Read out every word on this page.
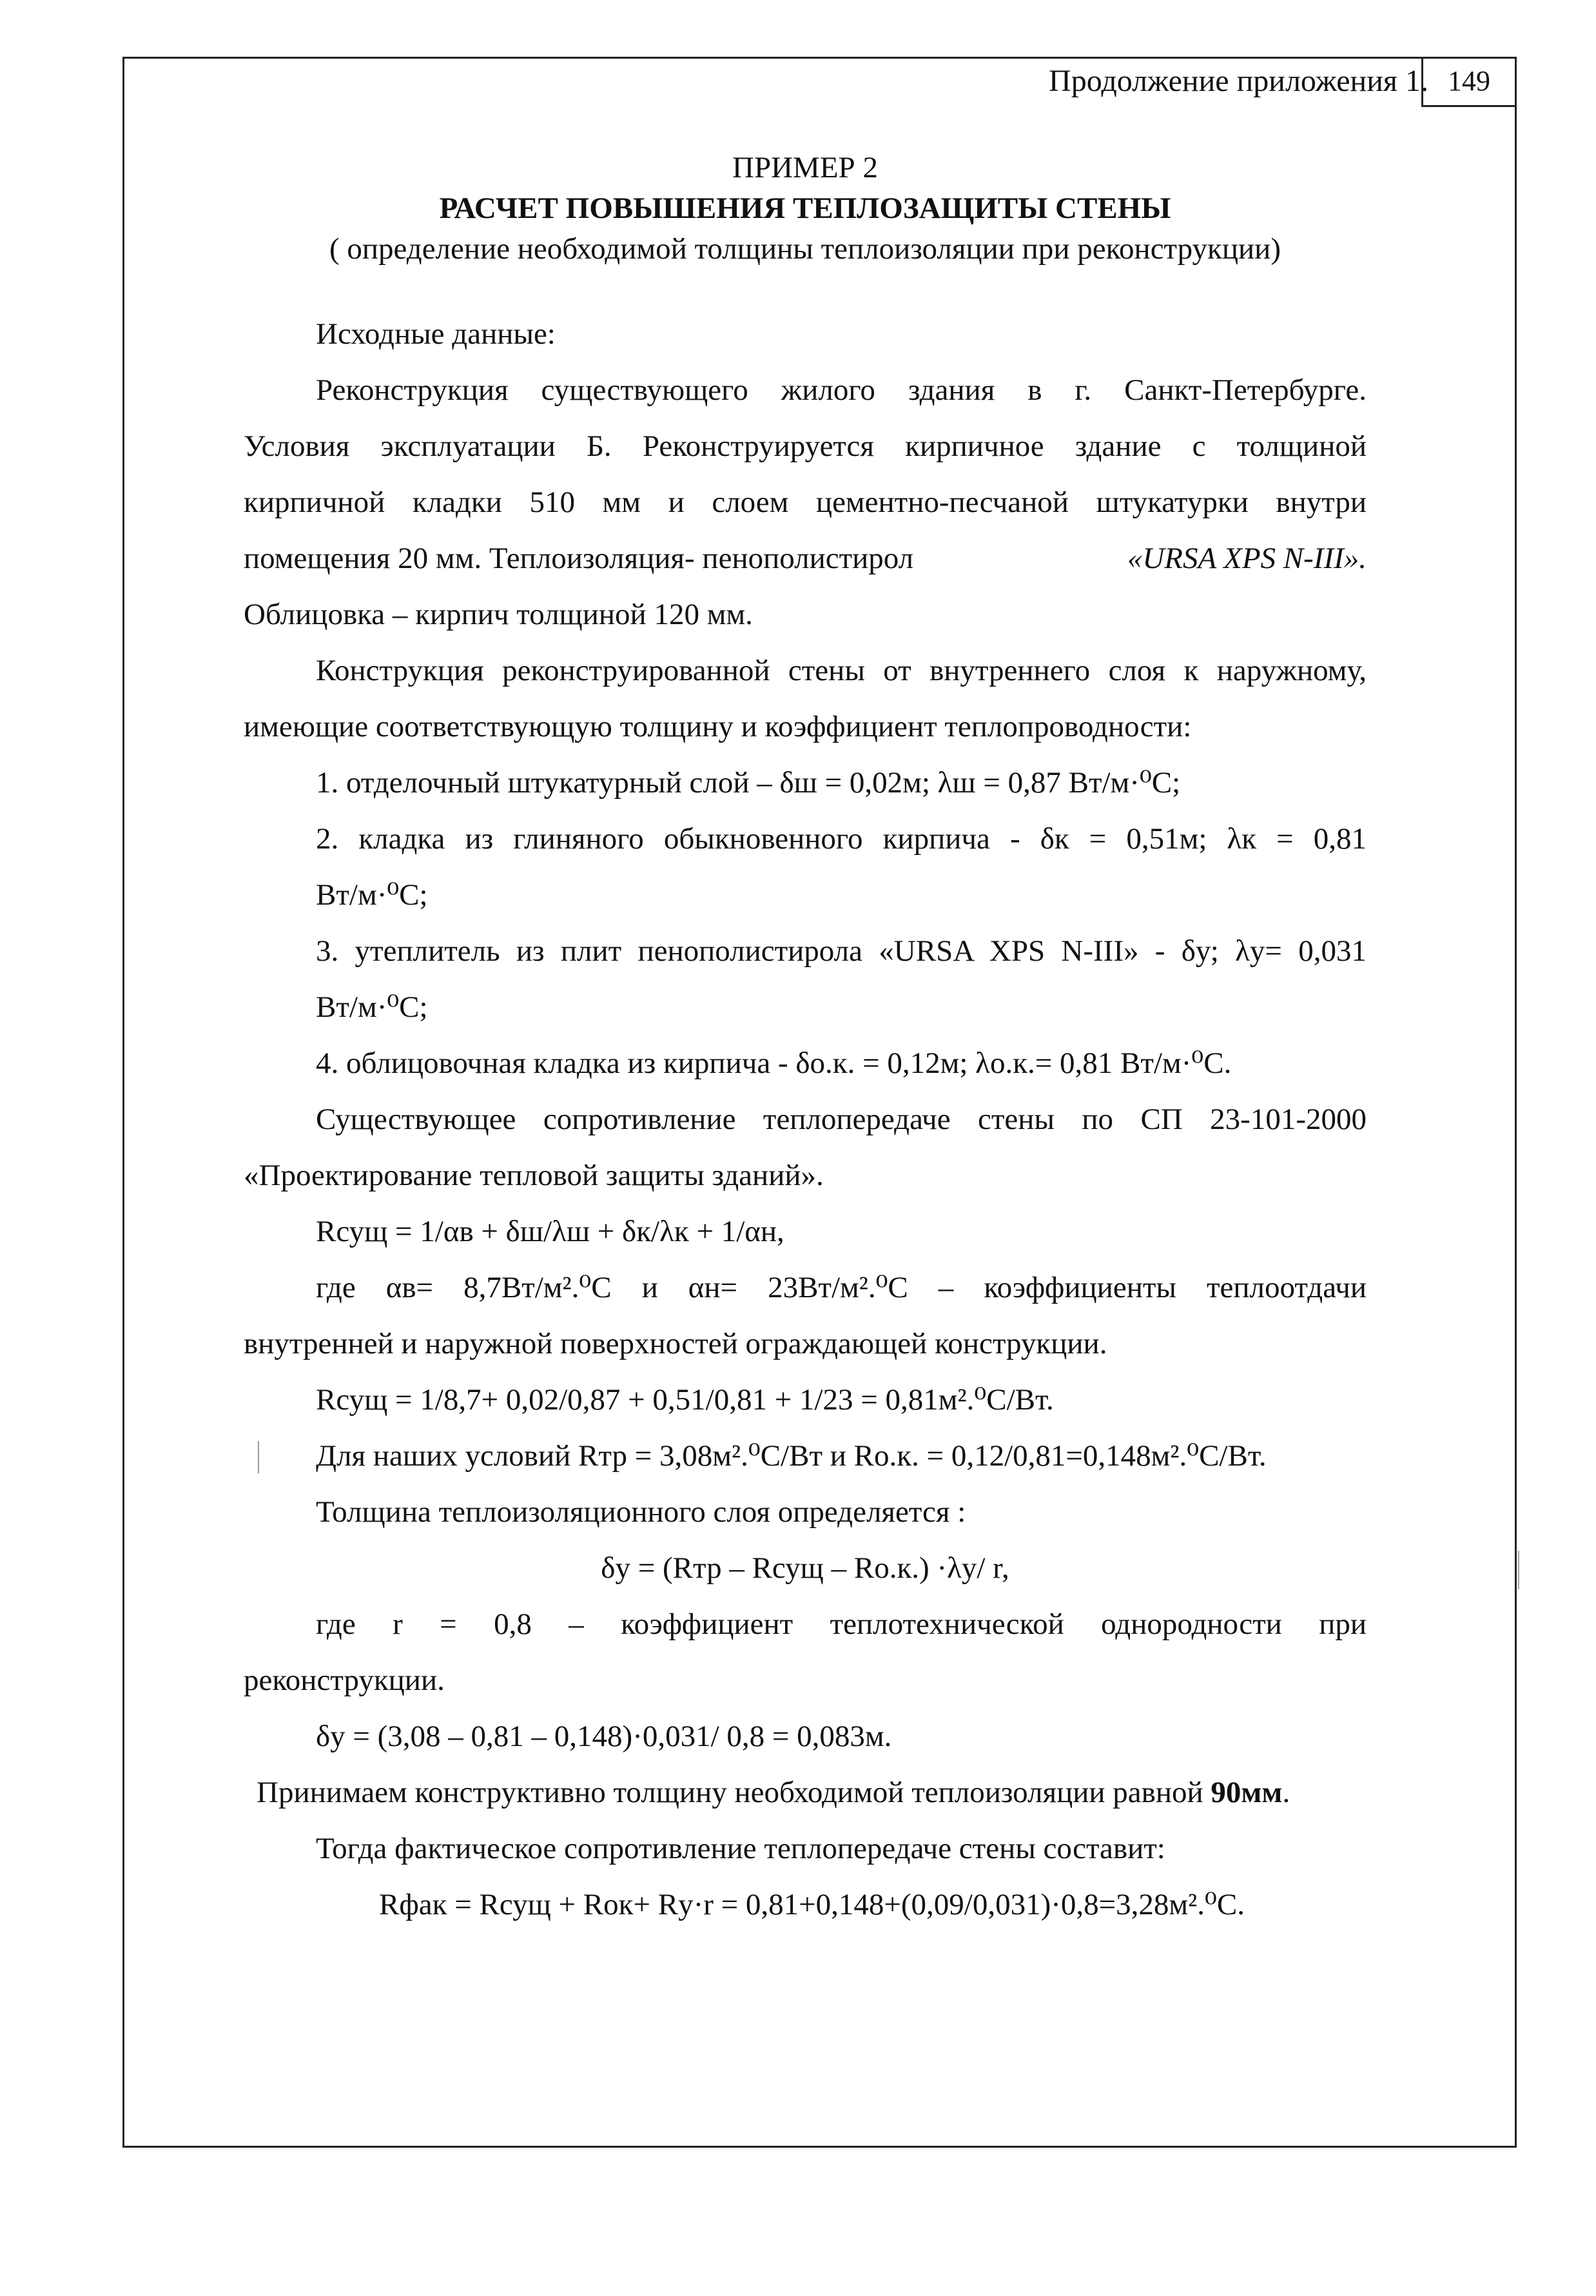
Продолжение приложения 1. 149
ПРИМЕР 2
РАСЧЕТ ПОВЫШЕНИЯ ТЕПЛОЗАЩИТЫ СТЕНЫ
( определение необходимой толщины теплоизоляции при реконструкции)
Исходные данные:
Реконструкция существующего жилого здания в г. Санкт-Петербурге.
Условия эксплуатации Б. Реконструируется кирпичное здание с толщиной
кирпичной кладки 510 мм и слоем цементно-песчаной штукатурки внутри
помещения 20 мм. Теплоизоляция- пенополистирол	«URSA XPS N-III».
Облицовка – кирпич толщиной 120 мм.
Конструкция реконструированной стены от внутреннего слоя к наружному,
имеющие соответствующую толщину и коэффициент теплопроводности:
1. отделочный штукатурный слой – δш = 0,02м; λш = 0,87 Вт/м·⁰С;
2. кладка из глиняного обыкновенного кирпича - δк = 0,51м; λк = 0,81
Вт/м·⁰С;
3. утеплитель из плит пенополистирола «URSA XPS N-III» - δу; λу= 0,031
Вт/м·⁰С;
4. облицовочная кладка из кирпича - δо.к. = 0,12м; λо.к.= 0,81 Вт/м·⁰С.
Существующее сопротивление теплопередаче стены по СП 23-101-2000
«Проектирование тепловой защиты зданий».
Rсущ = 1/αв + δш/λш + δк/λк + 1/αн,
где αв= 8,7Вт/м².⁰С и αн= 23Вт/м².⁰С – коэффициенты теплоотдачи
внутренней и наружной поверхностей ограждающей конструкции.
Rсущ = 1/8,7+ 0,02/0,87 + 0,51/0,81 + 1/23 = 0,81м².⁰С/Вт.
Для наших условий Rтр = 3,08м².⁰С/Вт и Rо.к. = 0,12/0,81=0,148м².⁰С/Вт.
Толщина теплоизоляционного слоя определяется :
δу = (Rтр – Rсущ – Rо.к.) ·λу/ r,
где r = 0,8 – коэффициент теплотехнической однородности при
реконструкции.
δу = (3,08 – 0,81 – 0,148)·0,031/ 0,8 = 0,083м.
Принимаем конструктивно толщину необходимой теплоизоляции равной 90мм.
Тогда фактическое сопротивление теплопередаче стены составит:
Rфак = Rсущ + Rок+ Rу·r = 0,81+0,148+(0,09/0,031)·0,8=3,28м².⁰С.
